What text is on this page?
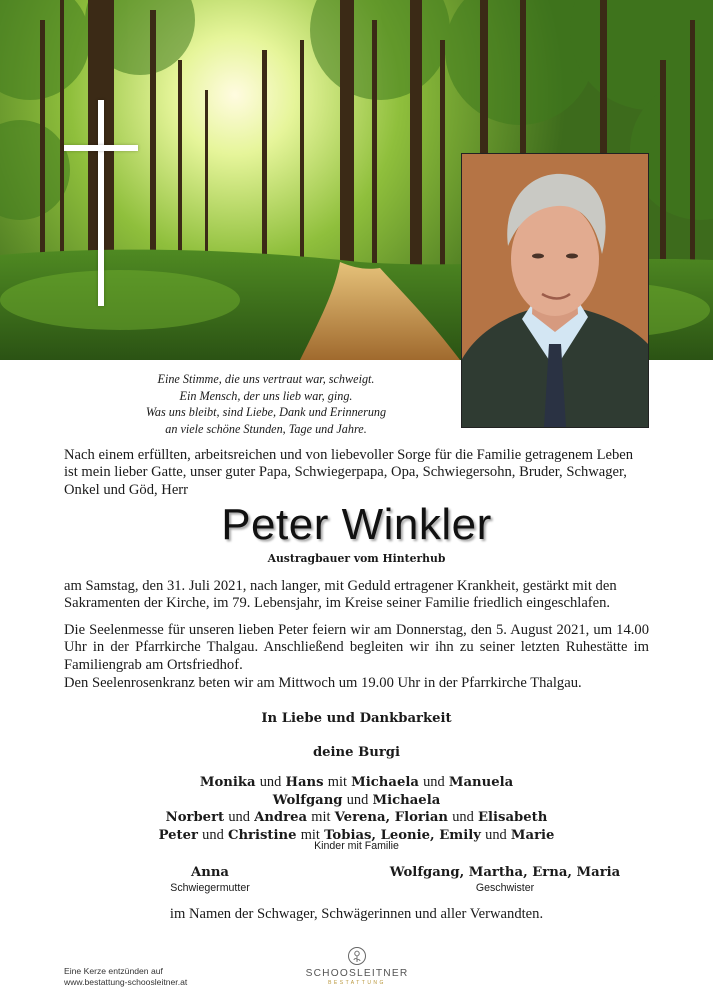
Eine Stimme, die uns vertraut war, schweigt.
Ein Mensch, der uns lieb war, ging.
Was uns bleibt, sind Liebe, Dank und Erinnerung
an viele schöne Stunden, Tage und Jahre.
Nach einem erfüllten, arbeitsreichen und von liebevoller Sorge für die Familie getragenem Leben ist mein lieber Gatte, unser guter Papa, Schwiegerpapa, Opa, Schwiegersohn, Bruder, Schwager, Onkel und Göd, Herr
Peter Winkler
Austragbauer vom Hinterhub
am Samstag, den 31. Juli 2021, nach langer, mit Geduld ertragener Krankheit, gestärkt mit den Sakramenten der Kirche, im 79. Lebensjahr, im Kreise seiner Familie friedlich eingeschlafen.
Die Seelenmesse für unseren lieben Peter feiern wir am Donnerstag, den 5. August 2021, um 14.00 Uhr in der Pfarrkirche Thalgau. Anschließend begleiten wir ihn zu seiner letzten Ruhestätte im Familiengrab am Ortsfriedhof.
Den Seelenrosenkranz beten wir am Mittwoch um 19.00 Uhr in der Pfarrkirche Thalgau.
In Liebe und Dankbarkeit
deine Burgi
Monika und Hans mit Michaela und Manuela
Wolfgang und Michaela
Norbert und Andrea mit Verena, Florian und Elisabeth
Peter und Christine mit Tobias, Leonie, Emily und Marie
Kinder mit Familie
Anna
Schwiegermutter
Wolfgang, Martha, Erna, Maria
Geschwister
im Namen der Schwager, Schwägerinnen und aller Verwandten.
Eine Kerze entzünden auf
www.bestattung-schoosleitner.at
SCHOOSLEITNER
BESTATTUNG
